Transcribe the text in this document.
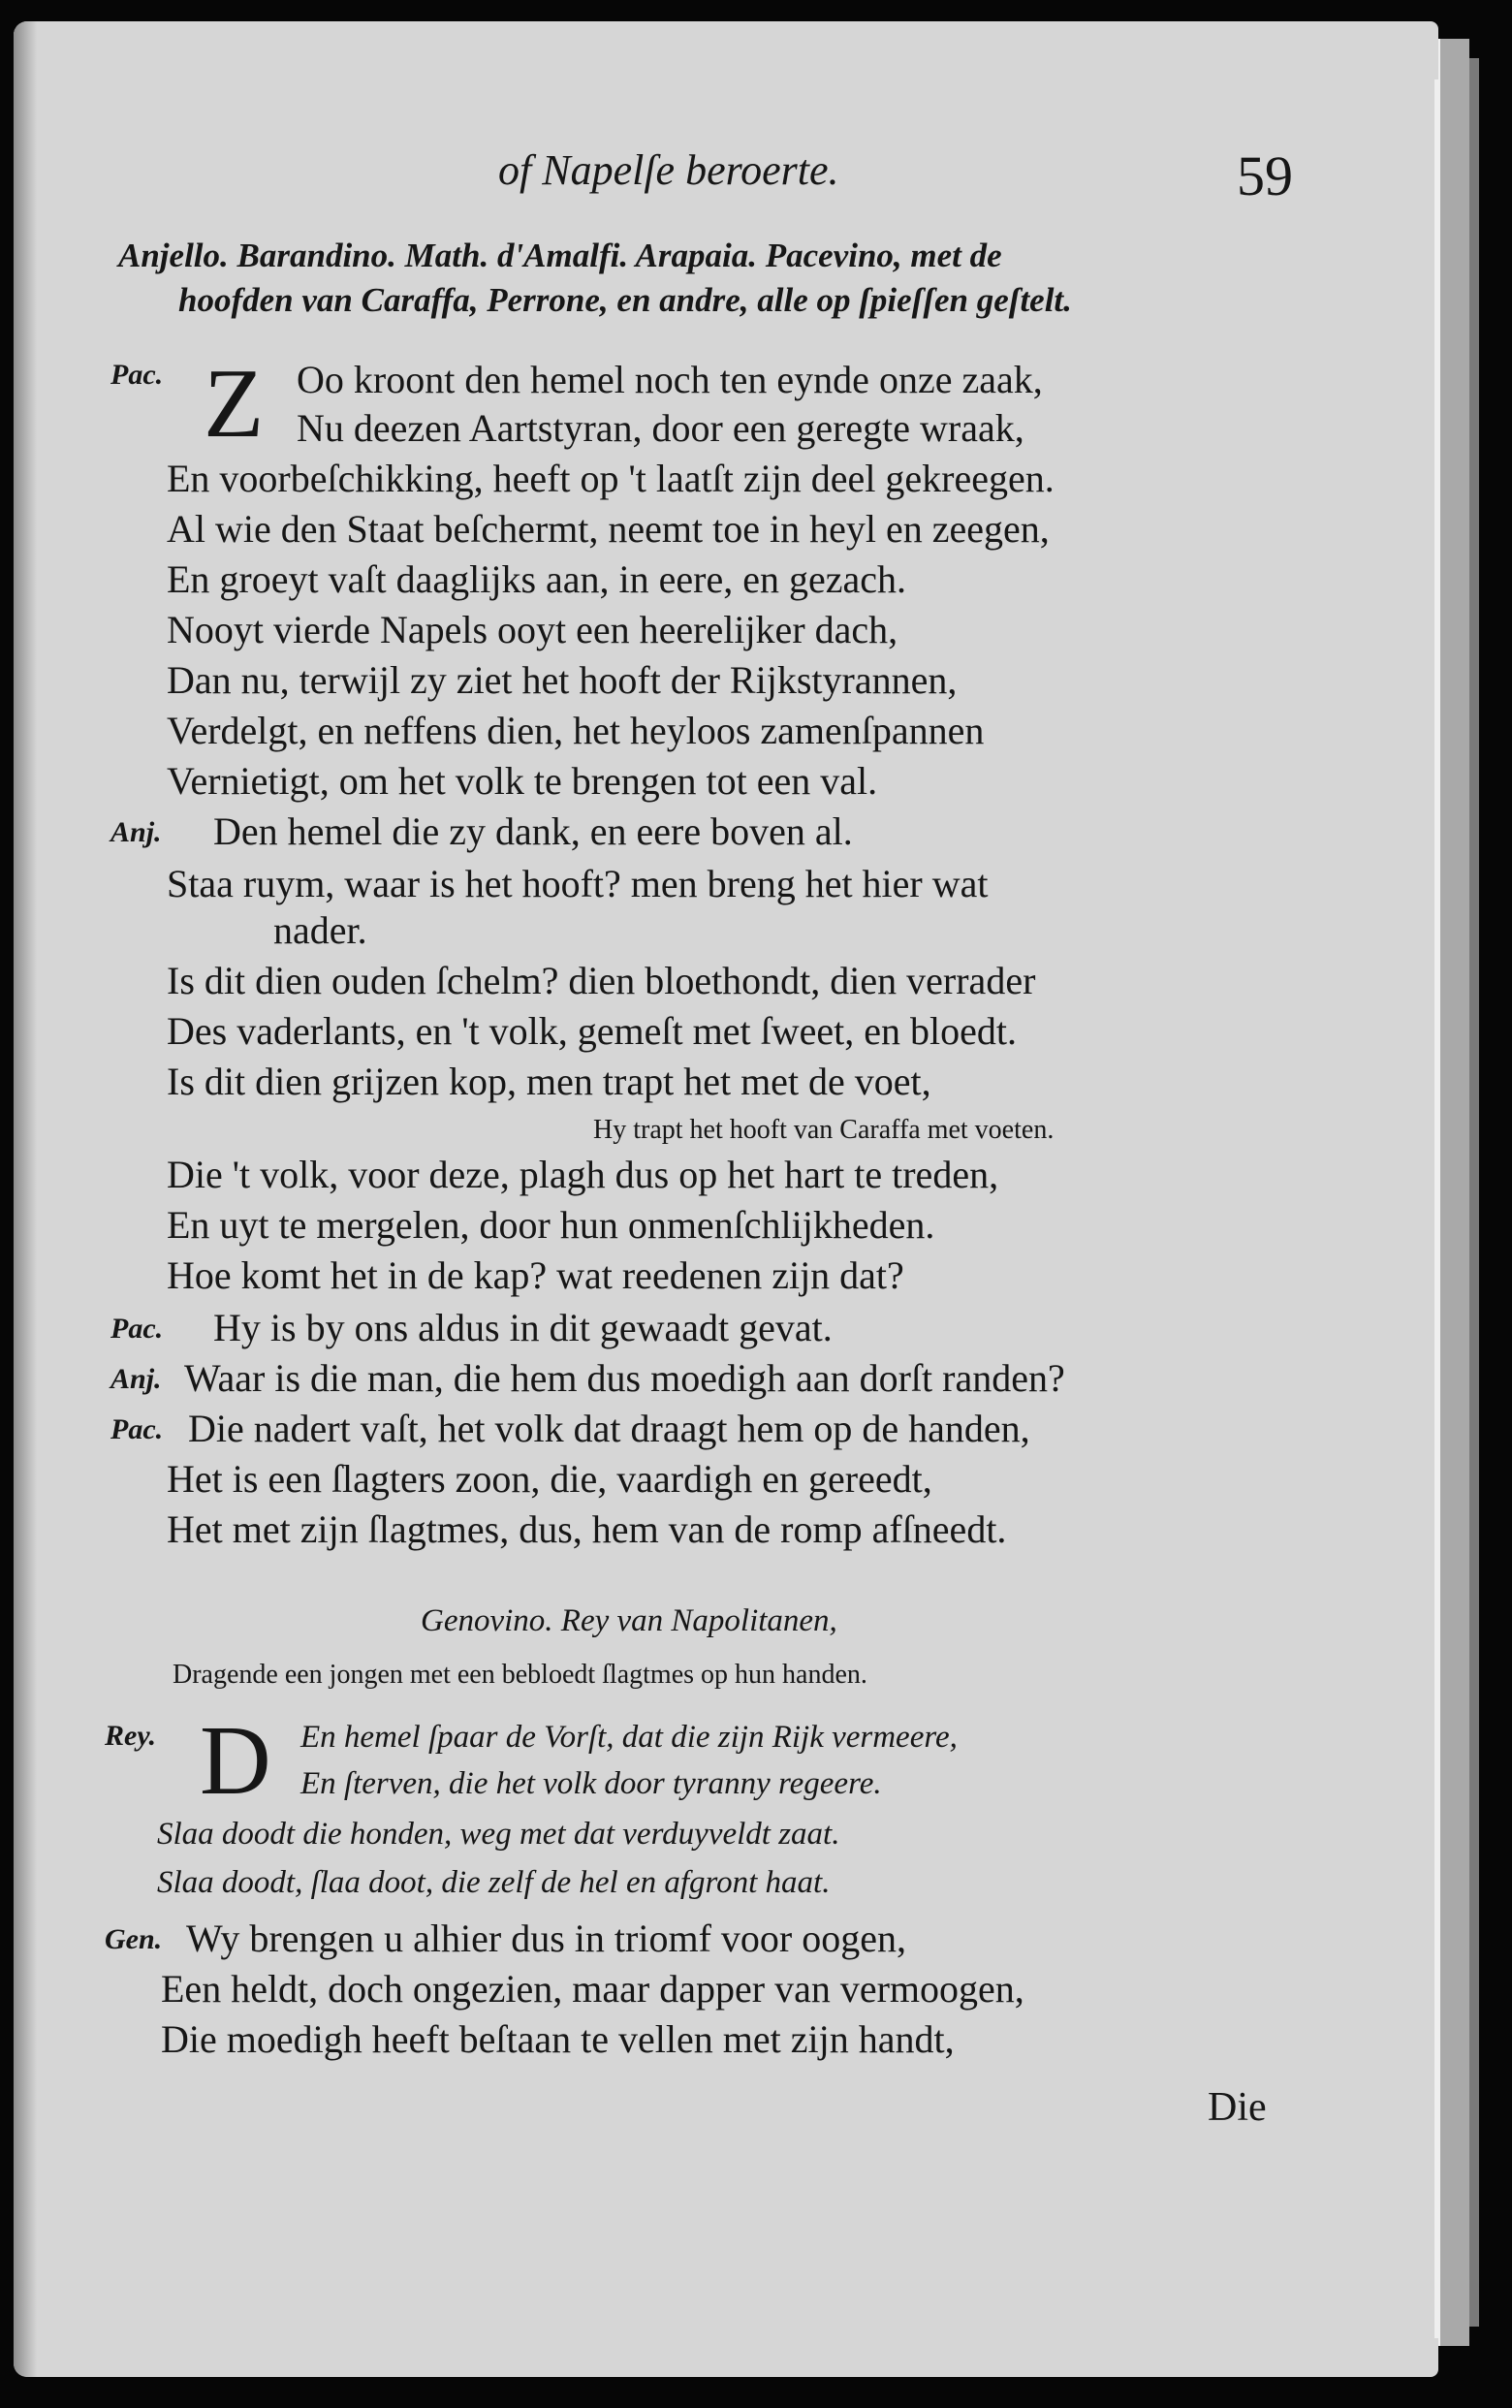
of Napelſe beroerte.	59
Anjello. Barandino. Math. d'Amalfi. Arapaia. Pacevino, met de
hoofden van Caraffa, Perrone, en andre, alle op ſpieſſen geſtelt.
Pac. Z Oo kroont den hemel noch ten eynde onze zaak,
Nu deezen Aartstyran, door een geregte wraak,
En voorbeſchikking, heeft op 't laatſt zijn deel gekreegen.
Al wie den Staat beſchermt, neemt toe in heyl en zeegen,
En groeyt vaſt daaglijks aan, in eere, en gezach.
Nooyt vierde Napels ooyt een heerelijker dach,
Dan nu, terwijl zy ziet het hooft der Rijkstyrannen,
Verdelgt, en neffens dien, het heyloos zamenſpannen
Vernietigt, om het volk te brengen tot een val.
Anj. Den hemel die zy dank, en eere boven al.
Staa ruym, waar is het hooft? men breng het hier wat
nader.
Is dit dien ouden ſchelm? dien bloethondt, dien verrader
Des vaderlants, en 't volk, gemeſt met ſweet, en bloedt.
Is dit dien grijzen kop, men trapt het met de voet,
Hy trapt het hooft van Caraffa met voeten.
Die 't volk, voor deze, plagh dus op het hart te treden,
En uyt te mergelen, door hun onmenſchlijkheden.
Hoe komt het in de kap? wat reedenen zijn dat?
Pac. Hy is by ons aldus in dit gewaadt gevat.
Anj. Waar is die man, die hem dus moedigh aan dorſt randen?
Pac. Die nadert vaſt, het volk dat draagt hem op de handen,
Het is een ſlagters zoon, die, vaardigh en gereedt,
Het met zijn ſlagtmes, dus, hem van de romp afſneedt.
Genovino. Rey van Napolitanen,
Dragende een jongen met een bebloedt ſlagtmes op hun handen.
Rey. D En hemel ſpaar de Vorſt, dat die zijn Rijk vermeere,
En ſterven, die het volk door tyranny regeere.
Slaa doodt die honden, weg met dat verduyveldt zaat.
Slaa doodt, ſlaa doot, die zelf de hel en afgront haat.
Gen. Wy brengen u alhier dus in triomf voor oogen,
Een heldt, doch ongezien, maar dapper van vermoogen,
Die moedigh heeft beſtaan te vellen met zijn handt,
Die
